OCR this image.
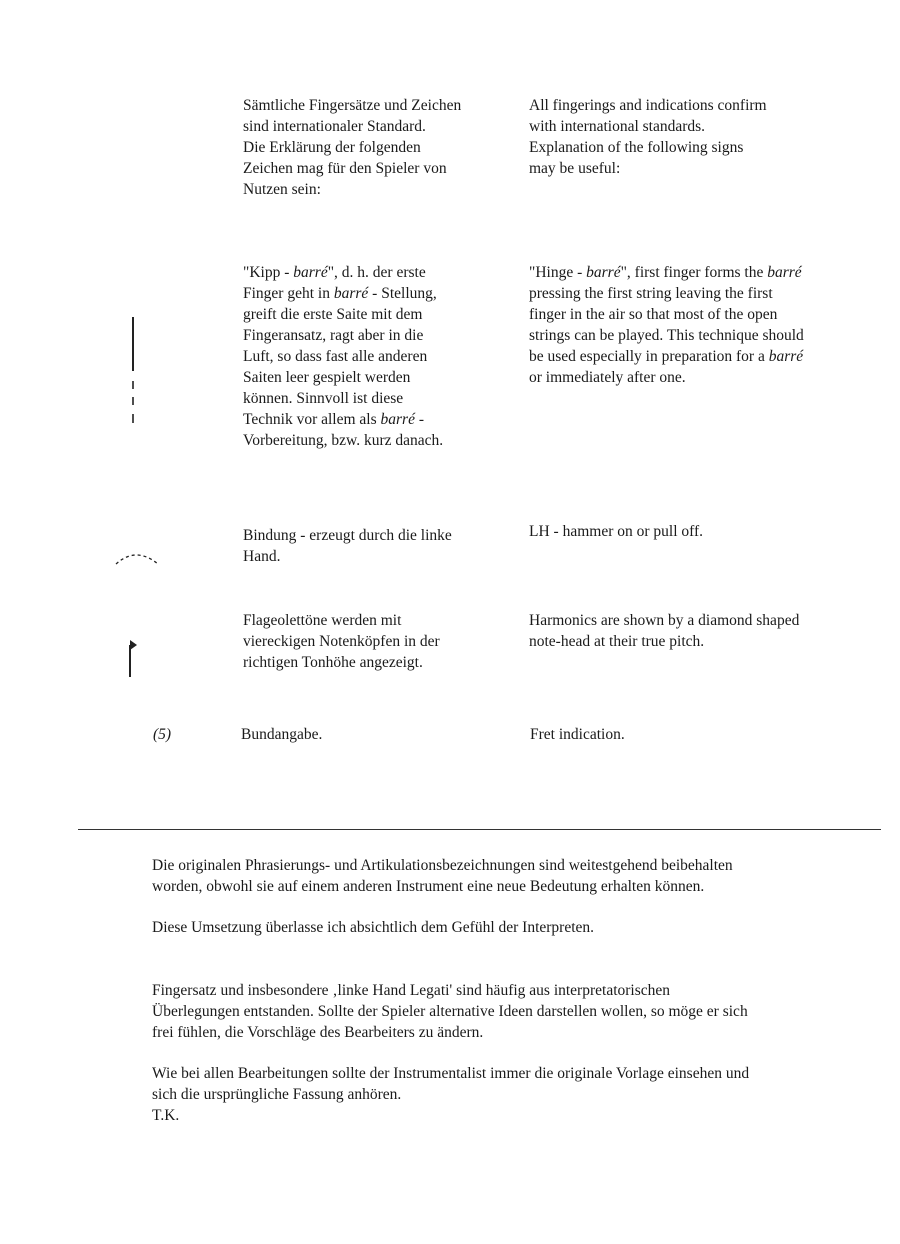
Sämtliche Fingersätze und Zeichen
sind internationaler Standard.
Die Erklärung der folgenden
Zeichen mag für den Spieler von
Nutzen sein:
All fingerings and indications confirm
with international standards.
Explanation of the following signs
may be useful:
"Kipp - barré", d. h. der erste
Finger geht in barré - Stellung,
greift die erste Saite mit dem
Fingeransatz, ragt aber in die
Luft, so dass fast alle anderen
Saiten leer gespielt werden
können. Sinnvoll ist diese
Technik vor allem als barré -
Vorbereitung, bzw. kurz danach.
"Hinge - barré", first finger forms the barré
pressing the first string leaving the first
finger in the air so that most of the open
strings can be played. This technique should
be used especially in preparation for a barré
or immediately after one.
Bindung - erzeugt durch die linke
Hand.
LH - hammer on or pull off.
Flageolettöne werden mit
viereckigen Notenköpfen in der
richtigen Tonhöhe angezeigt.
Harmonics are shown by a diamond shaped
note-head at their true pitch.
(5)	Bundangabe.	Fret indication.
Die originalen Phrasierungs- und Artikulationsbezeichnungen sind weitestgehend beibehalten
worden, obwohl sie auf einem anderen Instrument eine neue Bedeutung erhalten können.
Diese Umsetzung überlasse ich absichtlich dem Gefühl der Interpreten.
Fingersatz und insbesondere ‚linke Hand Legati' sind häufig aus interpretatorischen
Überlegungen entstanden. Sollte der Spieler alternative Ideen darstellen wollen, so möge er sich
frei fühlen, die Vorschläge des Bearbeiters zu ändern.
Wie bei allen Bearbeitungen sollte der Instrumentalist immer die originale Vorlage einsehen und
sich die ursprüngliche Fassung anhören.
T.K.
